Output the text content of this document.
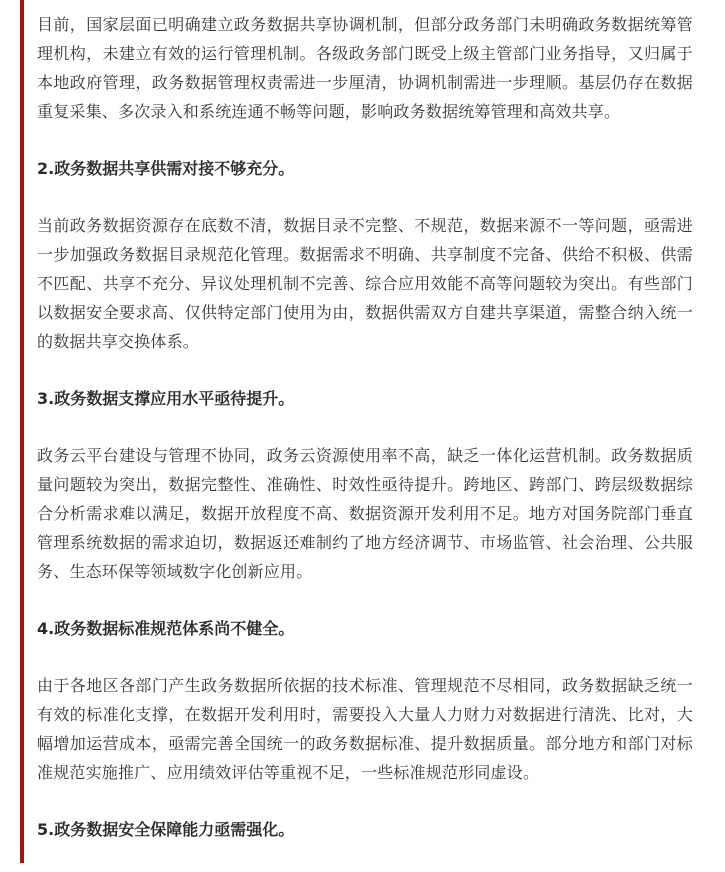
目前，国家层面已明确建立政务数据共享协调机制，但部分政务部门未明确政务数据统筹管理机构，未建立有效的运行管理机制。各级政务部门既受上级主管部门业务指导，又归属于本地政府管理，政务数据管理权责需进一步厘清，协调机制需进一步理顺。基层仍存在数据重复采集、多次录入和系统连通不畅等问题，影响政务数据统筹管理和高效共享。

2.政务数据共享供需对接不够充分。

当前政务数据资源存在底数不清，数据目录不完整、不规范，数据来源不一等问题，亟需进一步加强政务数据目录规范化管理。数据需求不明确、共享制度不完备、供给不积极、供需不匹配、共享不充分、异议处理机制不完善、综合应用效能不高等问题较为突出。有些部门以数据安全要求高、仅供特定部门使用为由，数据供需双方自建共享渠道，需整合纳入统一的数据共享交换体系。

3.政务数据支撑应用水平亟待提升。

政务云平台建设与管理不协同，政务云资源使用率不高，缺乏一体化运营机制。政务数据质量问题较为突出，数据完整性、准确性、时效性亟待提升。跨地区、跨部门、跨层级数据综合分析需求难以满足，数据开放程度不高、数据资源开发利用不足。地方对国务院部门垂直管理系统数据的需求迫切，数据返还难制约了地方经济调节、市场监管、社会治理、公共服务、生态环保等领域数字化创新应用。

4.政务数据标准规范体系尚不健全。

由于各地区各部门产生政务数据所依据的技术标准、管理规范不尽相同，政务数据缺乏统一有效的标准化支撑，在数据开发利用时，需要投入大量人力财力对数据进行清洗、比对，大幅增加运营成本，亟需完善全国统一的政务数据标准、提升数据质量。部分地方和部门对标准规范实施推广、应用绩效评估等重视不足，一些标准规范形同虚设。

5.政务数据安全保障能力亟需强化。
